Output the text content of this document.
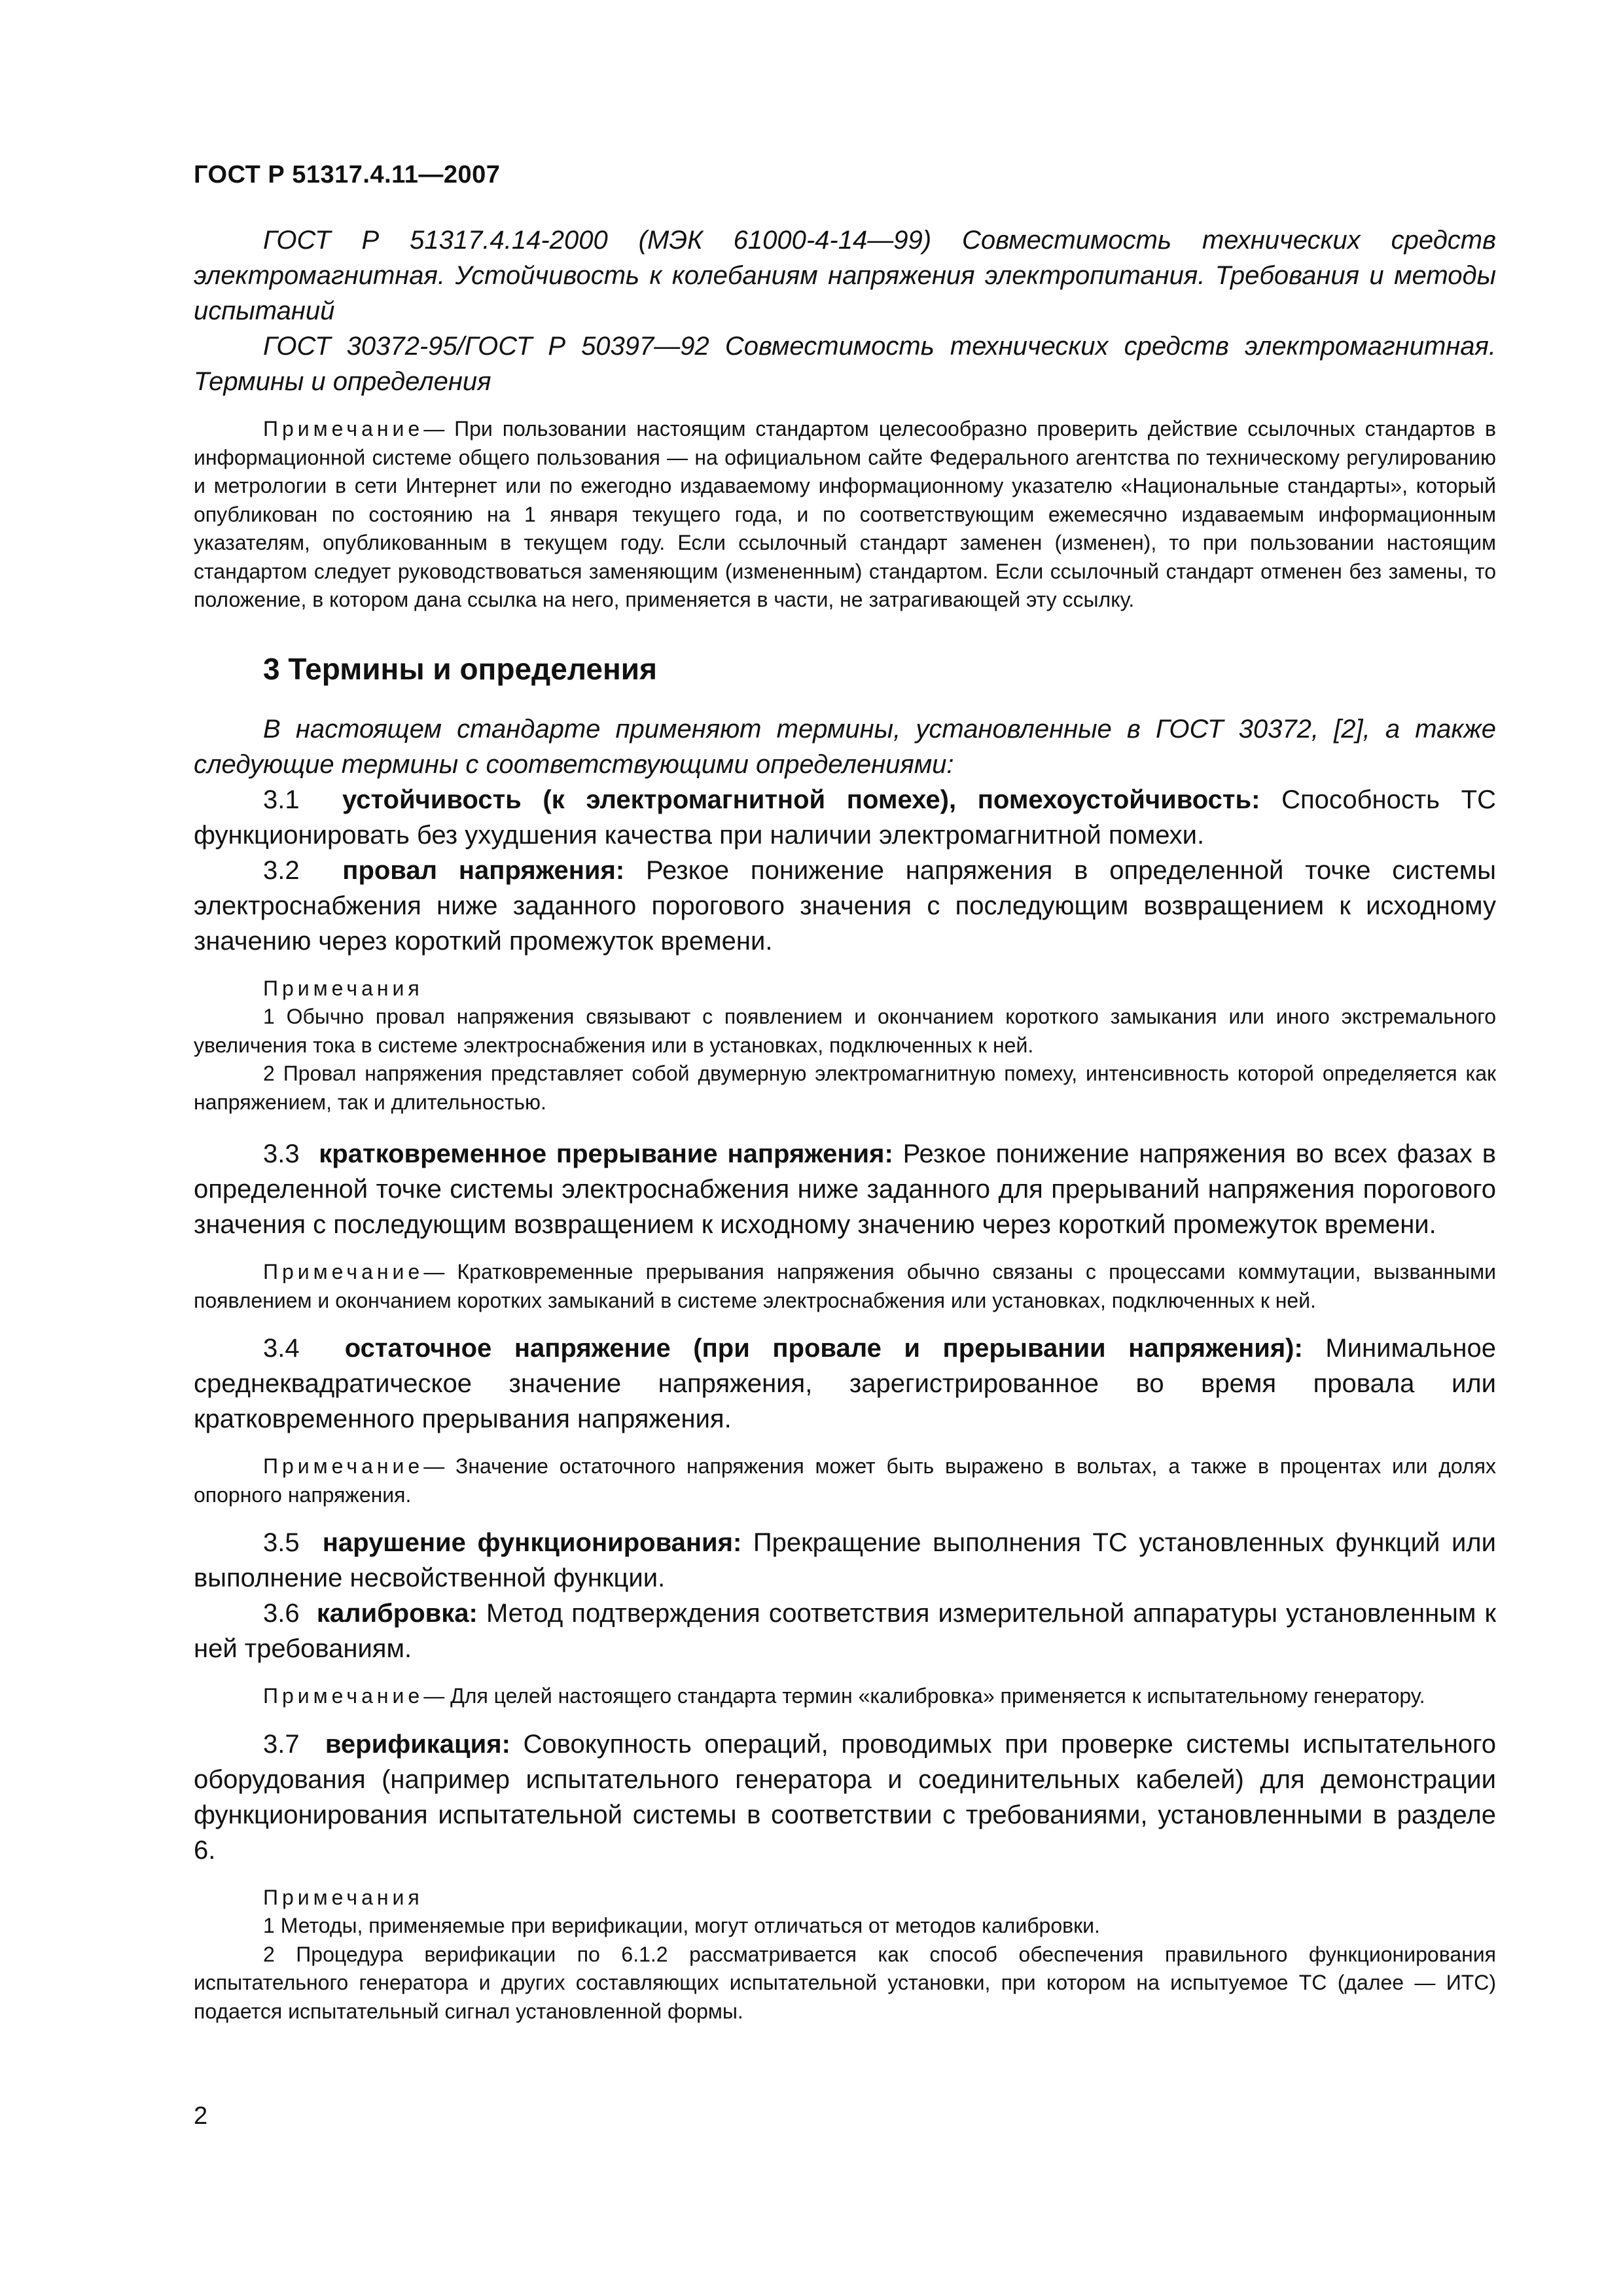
ГОСТ Р 51317.4.11—2007

ГОСТ Р 51317.4.14-2000 (МЭК 61000-4-14—99) Совместимость технических средств электромагнитная. Устойчивость к колебаниям напряжения электропитания. Требования и методы испытаний

ГОСТ 30372-95/ГОСТ Р 50397—92 Совместимость технических средств электромагнитная. Термины и определения

Примечание— При пользовании настоящим стандартом целесообразно проверить действие ссылочных стандартов в информационной системе общего пользования — на официальном сайте Федерального агентства по техническому регулированию и метрологии в сети Интернет или по ежегодно издаваемому информационному указателю «Национальные стандарты», который опубликован по состоянию на 1 января текущего года, и по соответствующим ежемесячно издаваемым информационным указателям, опубликованным в текущем году. Если ссылочный стандарт заменен (изменен), то при пользовании настоящим стандартом следует руководствоваться заменяющим (измененным) стандартом. Если ссылочный стандарт отменен без замены, то положение, в котором дана ссылка на него, применяется в части, не затрагивающей эту ссылку.

3 Термины и определения

В настоящем стандарте применяют термины, установленные в ГОСТ 30372, [2], а также следующие термины с соответствующими определениями:

3.1 устойчивость (к электромагнитной помехе), помехоустойчивость: Способность ТС функционировать без ухудшения качества при наличии электромагнитной помехи.

3.2 провал напряжения: Резкое понижение напряжения в определенной точке системы электроснабжения ниже заданного порогового значения с последующим возвращением к исходному значению через короткий промежуток времени.

Примечания

1 Обычно провал напряжения связывают с появлением и окончанием короткого замыкания или иного экстремального увеличения тока в системе электроснабжения или в установках, подключенных к ней.

2 Провал напряжения представляет собой двумерную электромагнитную помеху, интенсивность которой определяется как напряжением, так и длительностью.

3.3 кратковременное прерывание напряжения: Резкое понижение напряжения во всех фазах в определенной точке системы электроснабжения ниже заданного для прерываний напряжения порогового значения с последующим возвращением к исходному значению через короткий промежуток времени.

Примечание— Кратковременные прерывания напряжения обычно связаны с процессами коммутации, вызванными появлением и окончанием коротких замыканий в системе электроснабжения или установках, подключенных к ней.

3.4 остаточное напряжение (при провале и прерывании напряжения): Минимальное среднеквадратическое значение напряжения, зарегистрированное во время провала или кратковременного прерывания напряжения.

Примечание— Значение остаточного напряжения может быть выражено в вольтах, а также в процентах или долях опорного напряжения.

3.5 нарушение функционирования: Прекращение выполнения ТС установленных функций или выполнение несвойственной функции.

3.6 калибровка: Метод подтверждения соответствия измерительной аппаратуры установленным к ней требованиям.

Примечание— Для целей настоящего стандарта термин «калибровка» применяется к испытательному генератору.

3.7 верификация: Совокупность операций, проводимых при проверке системы испытательного оборудования (например испытательного генератора и соединительных кабелей) для демонстрации функционирования испытательной системы в соответствии с требованиями, установленными в разделе 6.

Примечания

1 Методы, применяемые при верификации, могут отличаться от методов калибровки.

2 Процедура верификации по 6.1.2 рассматривается как способ обеспечения правильного функционирования испытательного генератора и других составляющих испытательной установки, при котором на испытуемое ТС (далее — ИТС) подается испытательный сигнал установленной формы.

2
